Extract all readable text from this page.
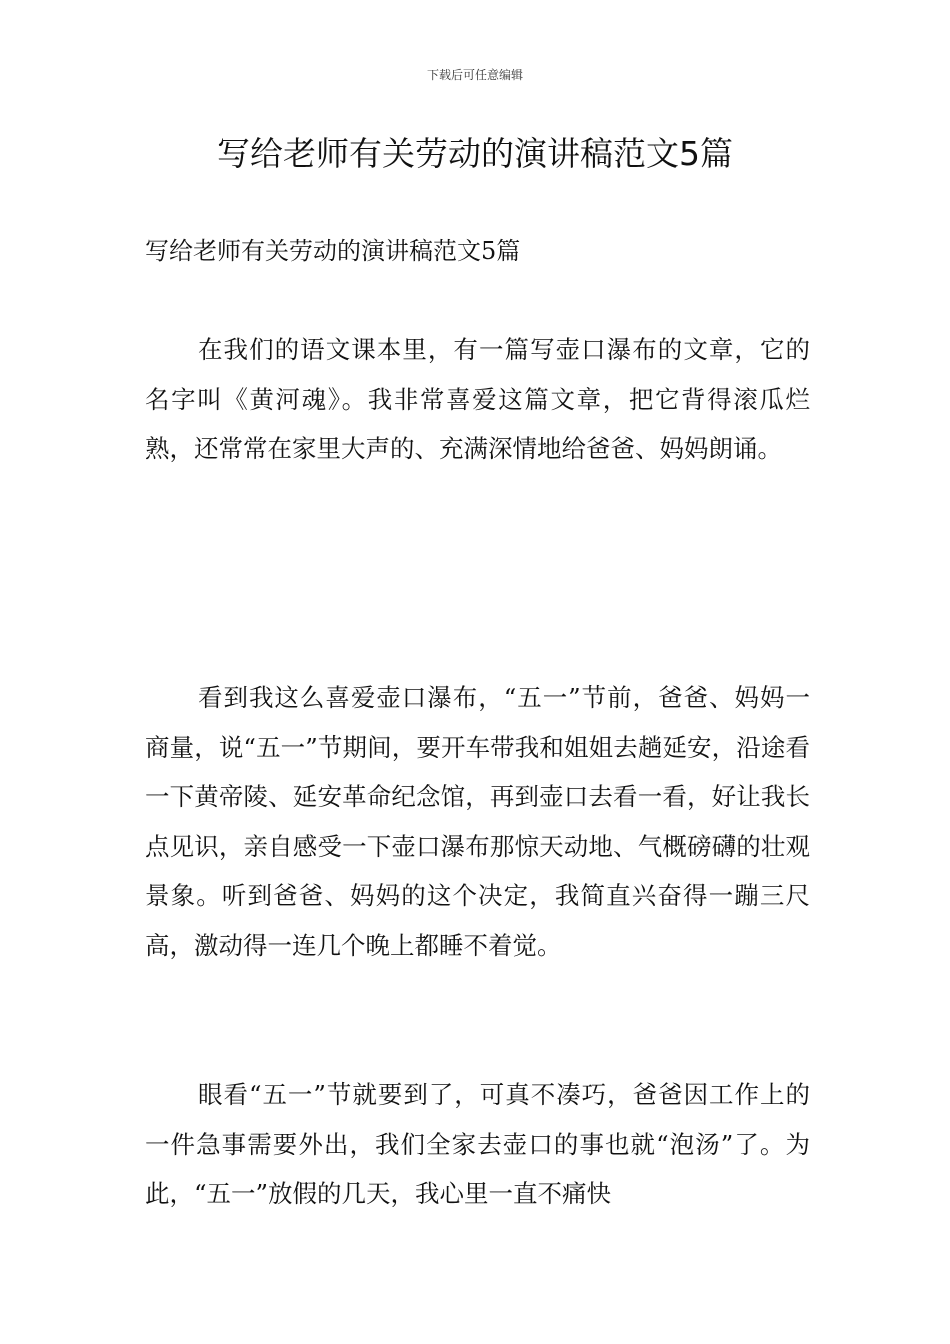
下载后可任意编辑
写给老师有关劳动的演讲稿范文5篇

写给老师有关劳动的演讲稿范文5篇

在我们的语文课本里，有一篇写壶口瀑布的文章，它的名字叫《黄河魂》。我非常喜爱这篇文章，把它背得滚瓜烂熟，还常常在家里大声的、充满深情地给爸爸、妈妈朗诵。

看到我这么喜爱壶口瀑布，“五一”节前，爸爸、妈妈一商量，说“五一”节期间，要开车带我和姐姐去趟延安，沿途看一下黄帝陵、延安革命纪念馆，再到壶口去看一看，好让我长点见识，亲自感受一下壶口瀑布那惊天动地、气概磅礴的壮观景象。听到爸爸、妈妈的这个决定，我简直兴奋得一蹦三尺高，激动得一连几个晚上都睡不着觉。

眼看“五一”节就要到了，可真不凑巧，爸爸因工作上的一件急事需要外出，我们全家去壶口的事也就“泡汤”了。为此，“五一”放假的几天，我心里一直不痛快
